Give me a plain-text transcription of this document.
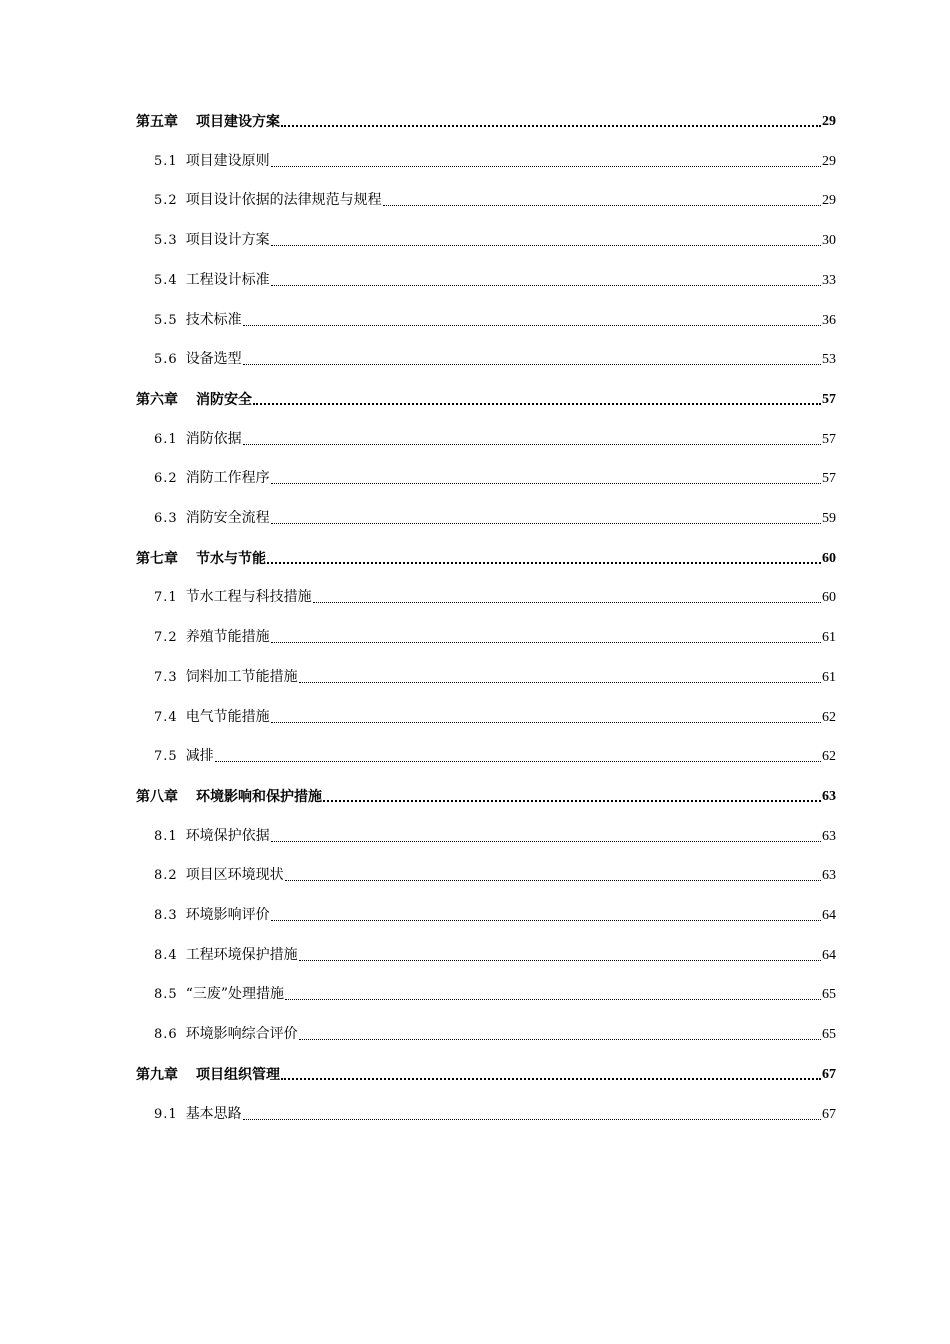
第五章 项目建设方案	29
5.1 项目建设原则	29
5.2 项目设计依据的法律规范与规程	29
5.3 项目设计方案	30
5.4 工程设计标准	33
5.5 技术标准	36
5.6 设备选型	53
第六章 消防安全	57
6.1 消防依据	57
6.2 消防工作程序	57
6.3 消防安全流程	59
第七章 节水与节能	60
7.1 节水工程与科技措施	60
7.2 养殖节能措施	61
7.3 饲料加工节能措施	61
7.4 电气节能措施	62
7.5 减排	62
第八章 环境影响和保护措施	63
8.1 环境保护依据	63
8.2 项目区环境现状	63
8.3 环境影响评价	64
8.4 工程环境保护措施	64
8.5 “三废”处理措施	65
8.6 环境影响综合评价	65
第九章 项目组织管理	67
9.1 基本思路	67
